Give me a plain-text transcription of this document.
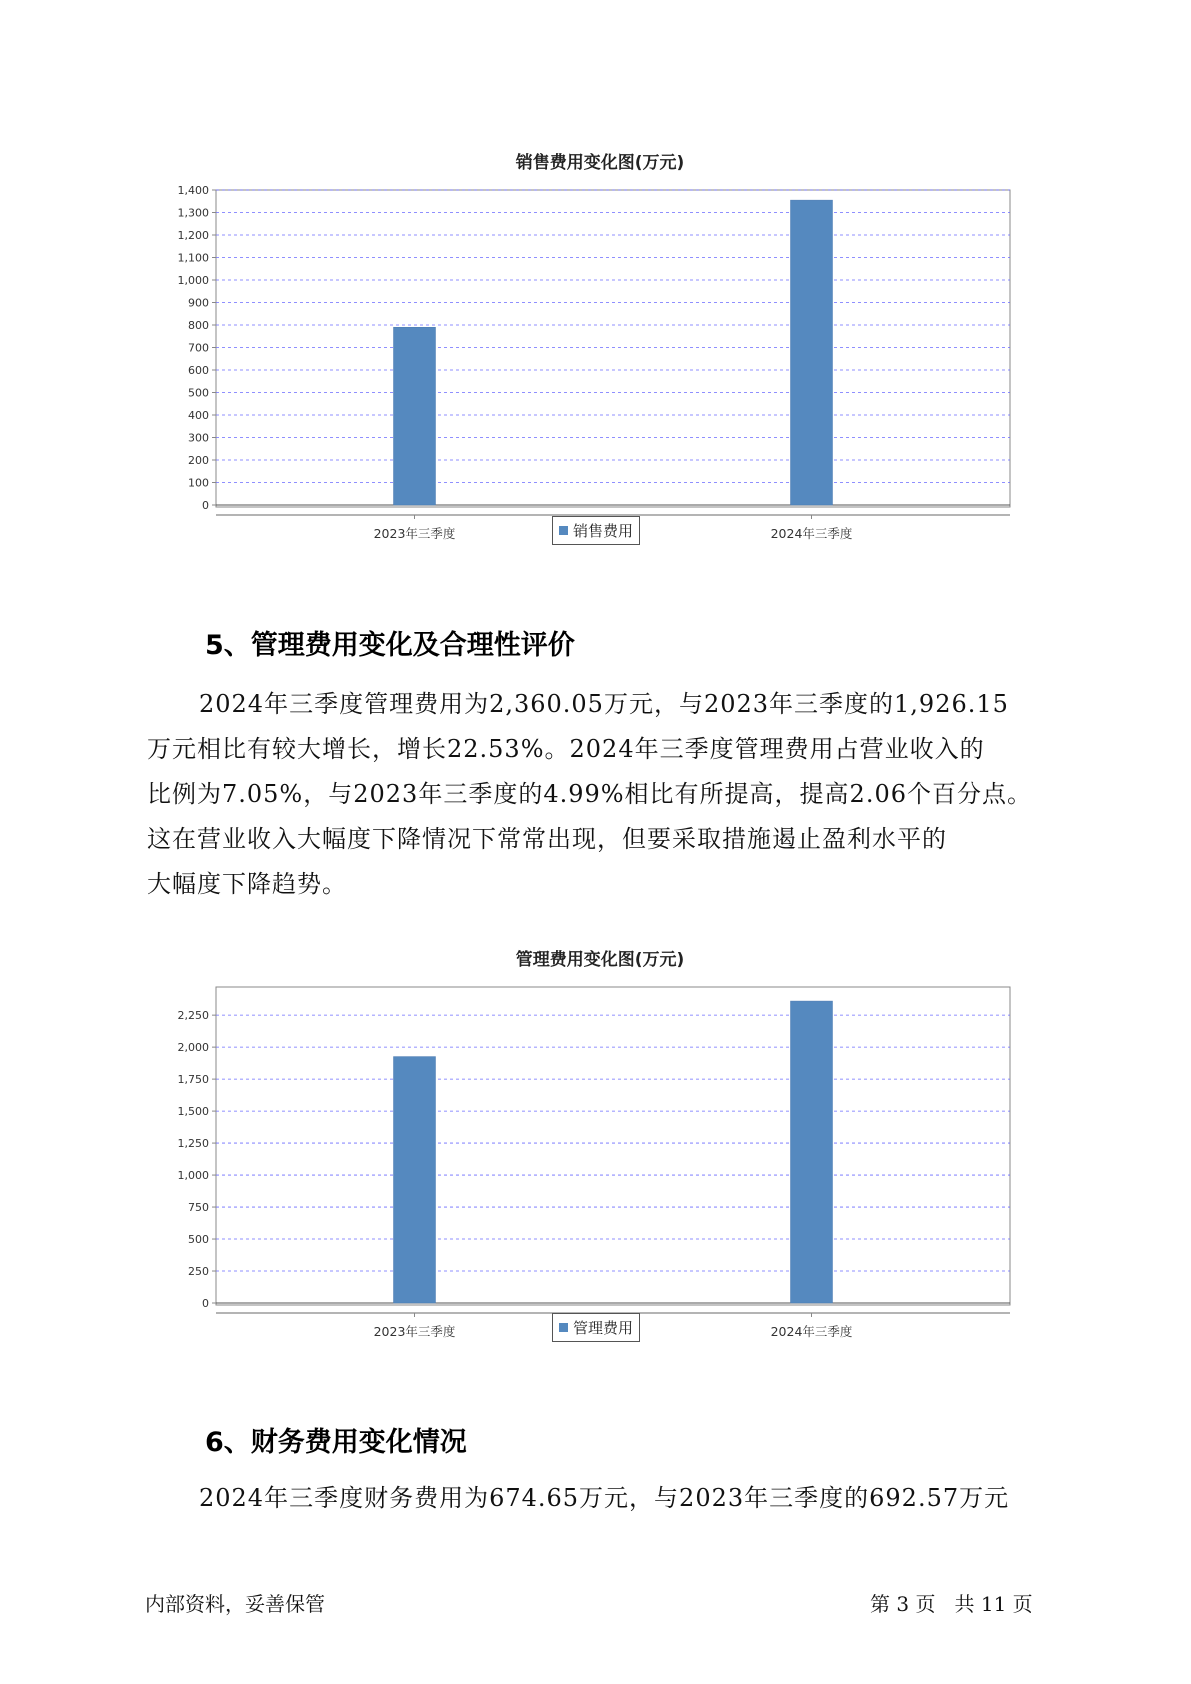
销售费用变化图(万元)
0
100
200
300
400
500
600
700
800
900
1,000
1,100
1,200
1,300
1,400
2023年三季度	2024年三季度
销售费用
5、管理费用变化及合理性评价
2024年三季度管理费用为2,360.05万元，与2023年三季度的1,926.15
万元相比有较大增长，增长22.53%。2024年三季度管理费用占营业收入的
比例为7.05%，与2023年三季度的4.99%相比有所提高，提高2.06个百分点。
这在营业收入大幅度下降情况下常常出现，但要采取措施遏止盈利水平的
大幅度下降趋势。
管理费用变化图(万元)
0
250
500
750
1,000
1,250
1,500
1,750
2,000
2,250
2023年三季度	2024年三季度
管理费用
6、财务费用变化情况
2024年三季度财务费用为674.65万元，与2023年三季度的692.57万元
内部资料，妥善保管	第 3 页   共 11 页
